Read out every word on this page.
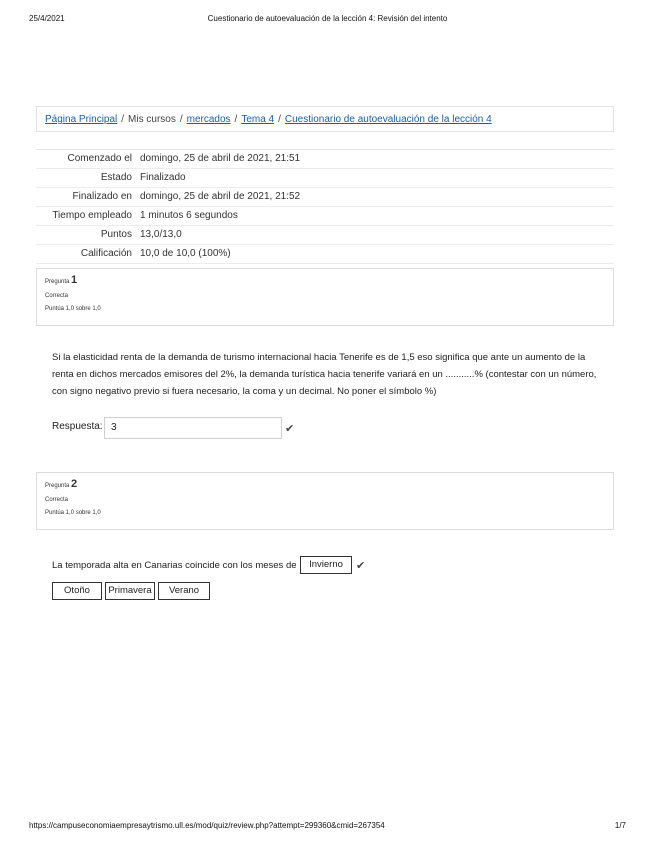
25/4/2021	Cuestionario de autoevaluación de la lección 4: Revisión del intento
Página Principal / Mis cursos / mercados / Tema 4 / Cuestionario de autoevaluación de la lección 4
Comenzado el domingo, 25 de abril de 2021, 21:51
Estado Finalizado
Finalizado en domingo, 25 de abril de 2021, 21:52
Tiempo empleado 1 minutos 6 segundos
Puntos 13,0/13,0
Calificación 10,0 de 10,0 (100%)
Pregunta 1
Correcta
Puntúa 1,0 sobre 1,0
Si la elasticidad renta de la demanda de turismo internacional hacia Tenerife es de 1,5 eso significa que ante un aumento de la
renta en dichos mercados emisores del 2%, la demanda turística hacia tenerife variará en un ...........% (contestar con un número,
con signo negativo previo si fuera necesario, la coma y un decimal. No poner el símbolo %)
Respuesta: 3	✔
Pregunta 2
Correcta
Puntúa 1,0 sobre 1,0
La temporada alta en Canarias coincide con los meses de	Invierno	✔
Otoño	Primavera	Verano
https://campuseconomiaempresaytrismo.ull.es/mod/quiz/review.php?attempt=299360&cmid=267354	1/7
